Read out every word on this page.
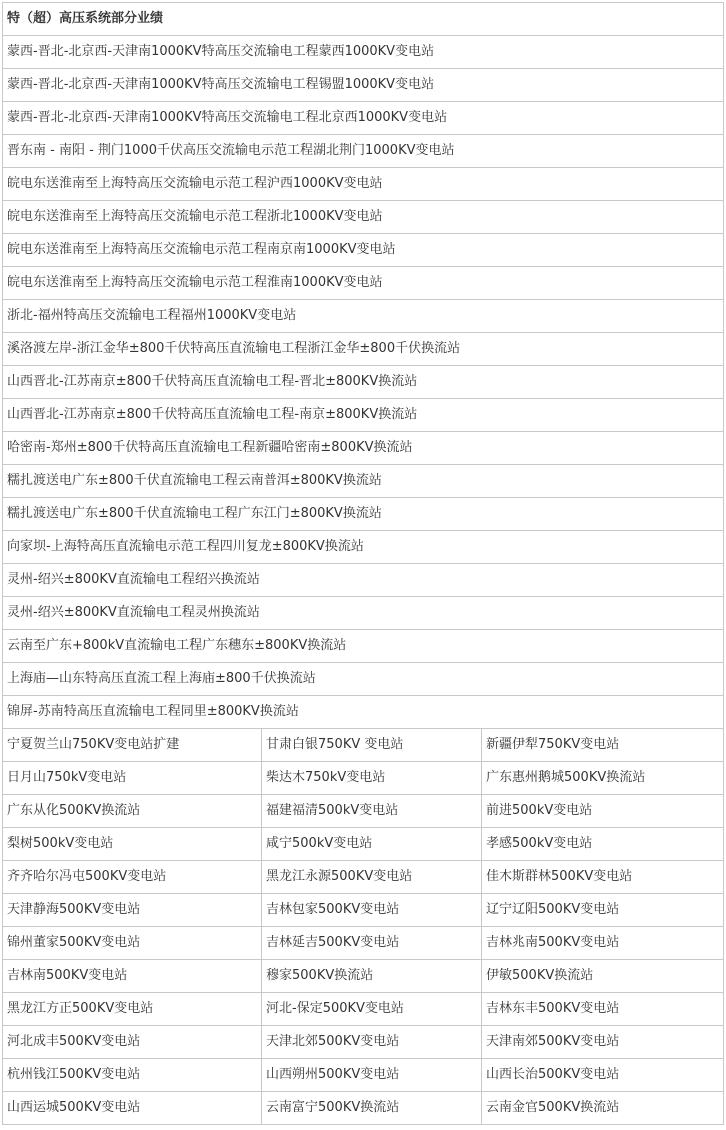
特（超）高压系统部分业绩		
蒙西-晋北-北京西-天津南1000KV特高压交流输电工程蒙西1000KV变电站		
蒙西-晋北-北京西-天津南1000KV特高压交流输电工程锡盟1000KV变电站		
蒙西-晋北-北京西-天津南1000KV特高压交流输电工程北京西1000KV变电站		
晋东南 - 南阳 - 荆门1000千伏高压交流输电示范工程湖北荆门1000KV变电站		
皖电东送淮南至上海特高压交流输电示范工程沪西1000KV变电站		
皖电东送淮南至上海特高压交流输电示范工程浙北1000KV变电站		
皖电东送淮南至上海特高压交流输电示范工程南京南1000KV变电站		
皖电东送淮南至上海特高压交流输电示范工程淮南1000KV变电站		
浙北-福州特高压交流输电工程福州1000KV变电站		
溪洛渡左岸-浙江金华±800千伏特高压直流输电工程浙江金华±800千伏换流站		
山西晋北-江苏南京±800千伏特高压直流输电工程-晋北±800KV换流站		
山西晋北-江苏南京±800千伏特高压直流输电工程-南京±800KV换流站		
哈密南-郑州±800千伏特高压直流输电工程新疆哈密南±800KV换流站		
糯扎渡送电广东±800千伏直流输电工程云南普洱±800KV换流站		
糯扎渡送电广东±800千伏直流输电工程广东江门±800KV换流站		
向家坝-上海特高压直流输电示范工程四川复龙±800KV换流站		
灵州-绍兴±800KV直流输电工程绍兴换流站		
灵州-绍兴±800KV直流输电工程灵州换流站		
云南至广东+800kV直流输电工程广东穗东±800KV换流站		
上海庙—山东特高压直流工程上海庙±800千伏换流站		
锦屏-苏南特高压直流输电工程同里±800KV换流站		
宁夏贺兰山750KV变电站扩建	甘肃白银750KV 变电站	新疆伊犁750KV变电站
日月山750kV变电站	柴达木750kV变电站	广东惠州鹅城500KV换流站
广东从化500KV换流站	福建福清500kV变电站	前进500kV变电站
梨树500kV变电站	咸宁500kV变电站	孝感500kV变电站
齐齐哈尔冯屯500KV变电站	黑龙江永源500KV变电站	佳木斯群林500KV变电站
天津静海500KV变电站	吉林包家500KV变电站	辽宁辽阳500KV变电站
锦州董家500KV变电站	吉林延吉500KV变电站	吉林兆南500KV变电站
吉林南500KV变电站	穆家500KV换流站	伊敏500KV换流站
黑龙江方正500KV变电站	河北-保定500KV变电站	吉林东丰500KV变电站
河北成丰500KV变电站	天津北郊500KV变电站	天津南郊500KV变电站
杭州钱江500KV变电站	山西朔州500KV变电站	山西长治500KV变电站
山西运城500KV变电站	云南富宁500KV换流站	云南金官500KV换流站
